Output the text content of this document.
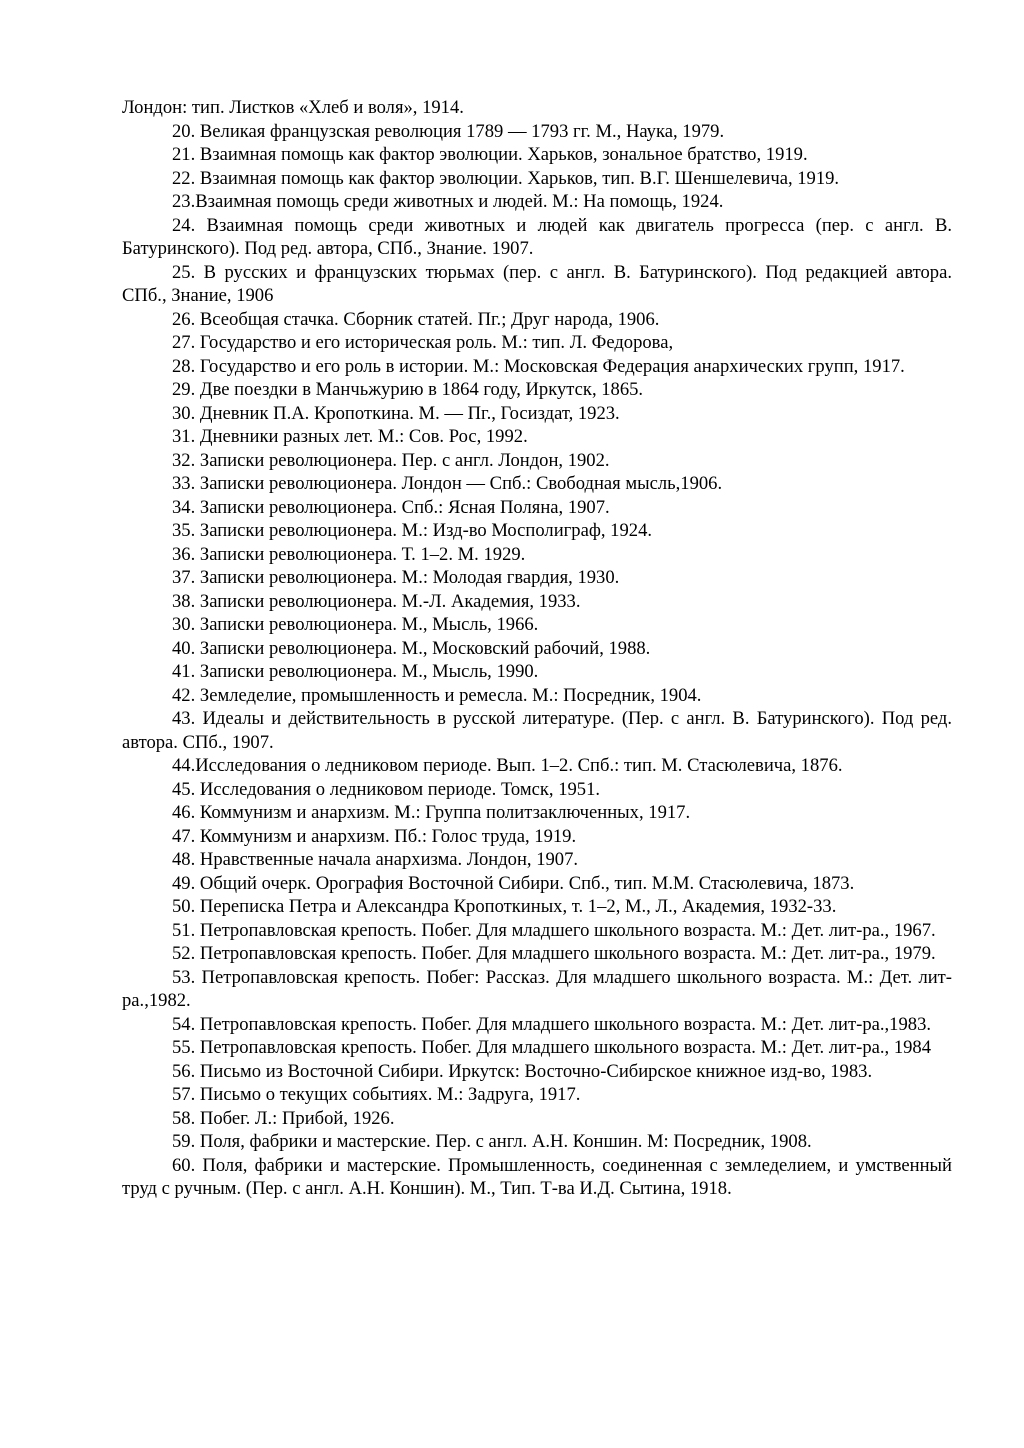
Лондон: тип. Листков «Хлеб и воля», 1914.

20. Великая французская революция 1789 — 1793 гг. М., Наука, 1979.

21. Взаимная помощь как фактор эволюции. Харьков, зональное братство, 1919.

22. Взаимная помощь как фактор эволюции. Харьков, тип. В.Г. Шеншелевича, 1919.

23.Взаимная помощь среди животных и людей. М.: На помощь, 1924.

24. Взаимная помощь среди животных и людей как двигатель прогресса (пер. с англ. В. Батуринского). Под ред. автора, СПб., Знание. 1907.

25. В русских и французских тюрьмах (пер. с англ. В. Батуринского). Под редакцией автора. СПб., Знание, 1906

26. Всеобщая стачка. Сборник статей. Пг.; Друг народа, 1906.

27. Государство и его историческая роль. М.: тип. Л. Федорова,

28. Государство и его роль в истории. М.: Московская Федерация анархических групп, 1917.

29. Две поездки в Манчьжурию в 1864 году, Иркутск, 1865.

30. Дневник П.А. Кропоткина. М. — Пг., Госиздат, 1923.

31. Дневники разных лет. М.: Сов. Рос, 1992.

32. Записки революционера. Пер. с англ. Лондон, 1902.

33. Записки революционера. Лондон — Спб.: Свободная мысль,1906.

34. Записки революционера. Спб.: Ясная Поляна, 1907.

35. Записки революционера. М.: Изд-во Мосполиграф, 1924.

36. Записки революционера. Т. 1–2. М. 1929.

37. Записки революционера. М.: Молодая гвардия, 1930.

38. Записки революционера. М.-Л. Академия, 1933.

30. Записки революционера. М., Мысль, 1966.

40. Записки революционера. М., Московский рабочий, 1988.

41. Записки революционера. М., Мысль, 1990.

42. Земледелие, промышленность и ремесла. М.: Посредник, 1904.

43. Идеалы и действительность в русской литературе. (Пер. с англ. В. Батуринского). Под ред. автора. СПб., 1907.

44.Исследования о ледниковом периоде. Вып. 1–2. Спб.: тип. М. Стасюлевича, 1876.

45. Исследования о ледниковом периоде. Томск, 1951.

46. Коммунизм и анархизм. М.: Группа политзаключенных, 1917.

47. Коммунизм и анархизм. Пб.: Голос труда, 1919.

48. Нравственные начала анархизма. Лондон, 1907.

49. Общий очерк. Орография Восточной Сибири. Спб., тип. М.М. Стасюлевича, 1873.

50. Переписка Петра и Александра Кропоткиных, т. 1–2, М., Л., Академия, 1932-33.

51. Петропавловская крепость. Побег. Для младшего школьного возраста. М.: Дет. лит-ра., 1967.

52. Петропавловская крепость. Побег. Для младшего школьного возраста. М.: Дет. лит-ра., 1979.

53. Петропавловская крепость. Побег: Рассказ. Для младшего школьного возраста. М.: Дет. лит-ра.,1982.

54. Петропавловская крепость. Побег. Для младшего школьного возраста. М.: Дет. лит-ра.,1983.

55. Петропавловская крепость. Побег. Для младшего школьного возраста. М.: Дет. лит-ра., 1984

56. Письмо из Восточной Сибири. Иркутск: Восточно-Сибирское книжное изд-во, 1983.

57. Письмо о текущих событиях. М.: Задруга, 1917.

58. Побег. Л.: Прибой, 1926.

59. Поля, фабрики и мастерские. Пер. с англ. А.Н. Коншин. М: Посредник, 1908.

60. Поля, фабрики и мастерские. Промышленность, соединенная с земледелием, и умственный труд с ручным. (Пер. с англ. А.Н. Коншин). М., Тип. Т-ва И.Д. Сытина, 1918.
